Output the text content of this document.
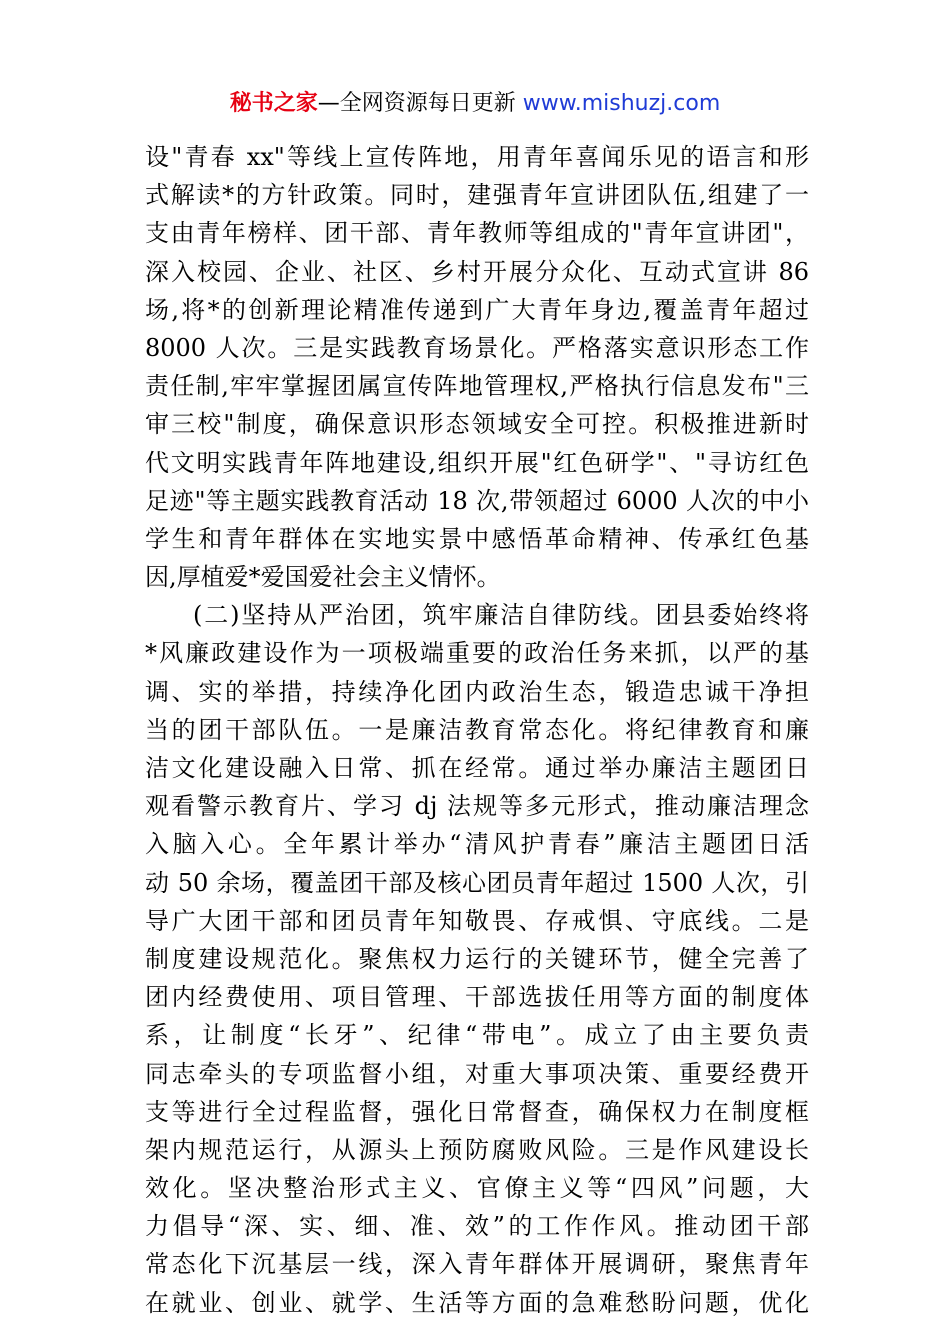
秘书之家—全网资源每日更新 www.mishuzj.com
设"青春 xx"等线上宣传阵地，用青年喜闻乐见的语言和形
式解读*的方针政策。同时，建强青年宣讲团队伍,组建了一
支由青年榜样、团干部、青年教师等组成的"青年宣讲团"，
深入校园、企业、社区、乡村开展分众化、互动式宣讲 86
场,将*的创新理论精准传递到广大青年身边,覆盖青年超过
8000 人次。三是实践教育场景化。严格落实意识形态工作
责任制,牢牢掌握团属宣传阵地管理权,严格执行信息发布"三
审三校"制度，确保意识形态领域安全可控。积极推进新时
代文明实践青年阵地建设,组织开展"红色研学"、"寻访红色
足迹"等主题实践教育活动 18 次,带领超过 6000 人次的中小
学生和青年群体在实地实景中感悟革命精神、传承红色基
因,厚植爱*爱国爱社会主义情怀。
(二)坚持从严治团，筑牢廉洁自律防线。团县委始终将
*风廉政建设作为一项极端重要的政治任务来抓，以严的基
调、实的举措，持续净化团内政治生态，锻造忠诚干净担
当的团干部队伍。一是廉洁教育常态化。将纪律教育和廉
洁文化建设融入日常、抓在经常。通过举办廉洁主题团日
观看警示教育片、学习 dj 法规等多元形式，推动廉洁理念
入脑入心。全年累计举办“清风护青春”廉洁主题团日活
动 50 余场，覆盖团干部及核心团员青年超过 1500 人次，引
导广大团干部和团员青年知敬畏、存戒惧、守底线。二是
制度建设规范化。聚焦权力运行的关键环节，健全完善了
团内经费使用、项目管理、干部选拔任用等方面的制度体
系，让制度“长牙”、纪律“带电”。成立了由主要负责
同志牵头的专项监督小组，对重大事项决策、重要经费开
支等进行全过程监督，强化日常督查，确保权力在制度框
架内规范运行，从源头上预防腐败风险。三是作风建设长
效化。坚决整治形式主义、官僚主义等“四风”问题，大
力倡导“深、实、细、准、效”的工作作风。推动团干部
常态化下沉基层一线，深入青年群体开展调研，聚焦青年
在就业、创业、就学、生活等方面的急难愁盼问题，优化
